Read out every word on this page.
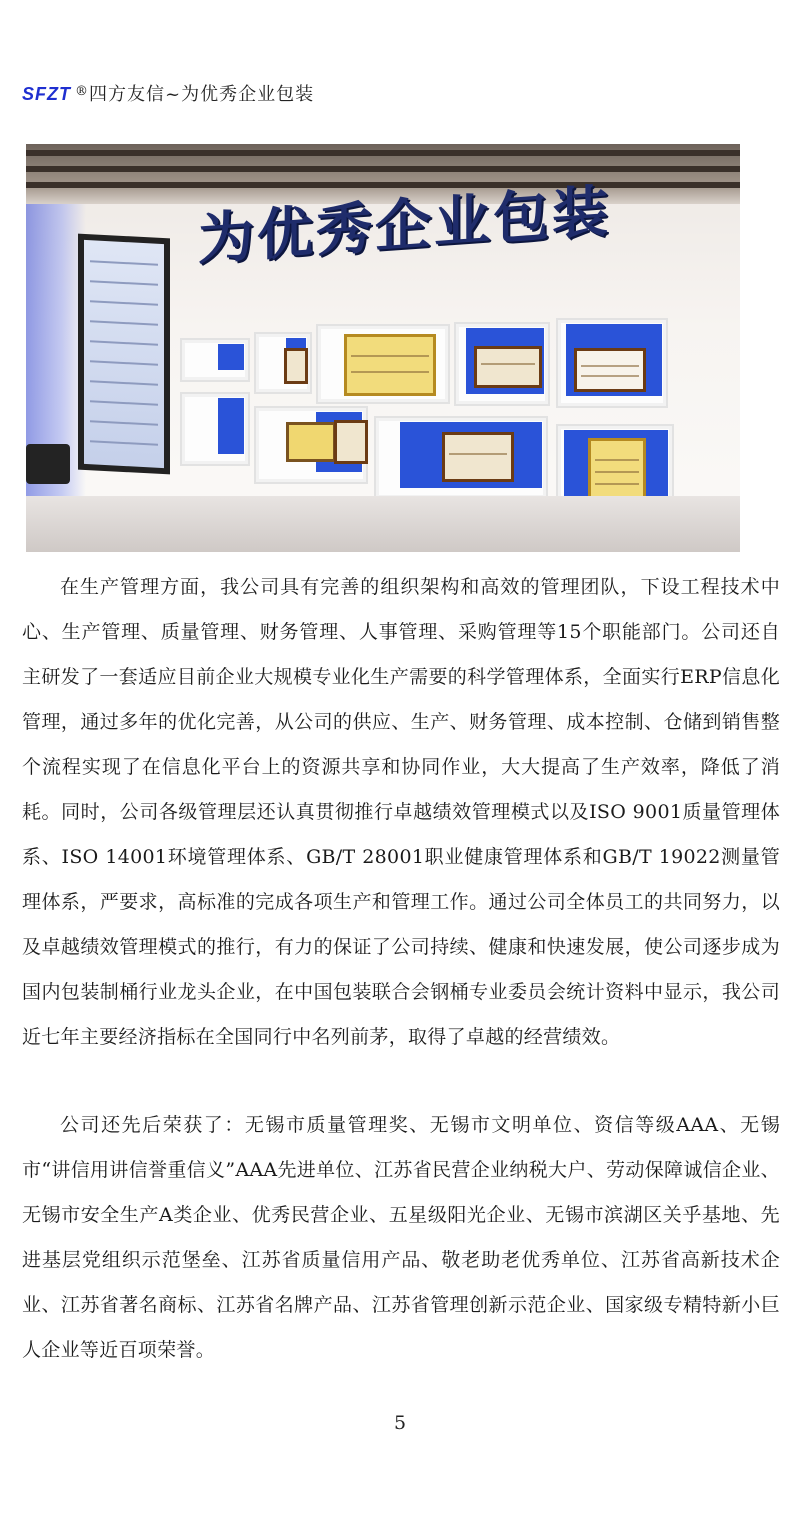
SFZT ® 四方友信~为优秀企业包装
为优秀企业包装

在生产管理方面，我公司具有完善的组织架构和高效的管理团队，下设工程技术中心、生产管理、质量管理、财务管理、人事管理、采购管理等15个职能部门。公司还自主研发了一套适应目前企业大规模专业化生产需要的科学管理体系，全面实行ERP信息化管理，通过多年的优化完善，从公司的供应、生产、财务管理、成本控制、仓储到销售整个流程实现了在信息化平台上的资源共享和协同作业，大大提高了生产效率，降低了消耗。同时，公司各级管理层还认真贯彻推行卓越绩效管理模式以及ISO 9001质量管理体系、ISO 14001环境管理体系、GB/T 28001职业健康管理体系和GB/T 19022测量管理体系，严要求，高标准的完成各项生产和管理工作。通过公司全体员工的共同努力，以及卓越绩效管理模式的推行，有力的保证了公司持续、健康和快速发展，使公司逐步成为国内包装制桶行业龙头企业，在中国包装联合会钢桶专业委员会统计资料中显示，我公司近七年主要经济指标在全国同行中名列前茅，取得了卓越的经营绩效。

公司还先后荣获了：无锡市质量管理奖、无锡市文明单位、资信等级AAA、无锡市“讲信用讲信誉重信义”AAA先进单位、江苏省民营企业纳税大户、劳动保障诚信企业、无锡市安全生产A类企业、优秀民营企业、五星级阳光企业、无锡市滨湖区关乎基地、先进基层党组织示范堡垒、江苏省质量信用产品、敬老助老优秀单位、江苏省高新技术企业、江苏省著名商标、江苏省名牌产品、江苏省管理创新示范企业、国家级专精特新小巨人企业等近百项荣誉。

5
